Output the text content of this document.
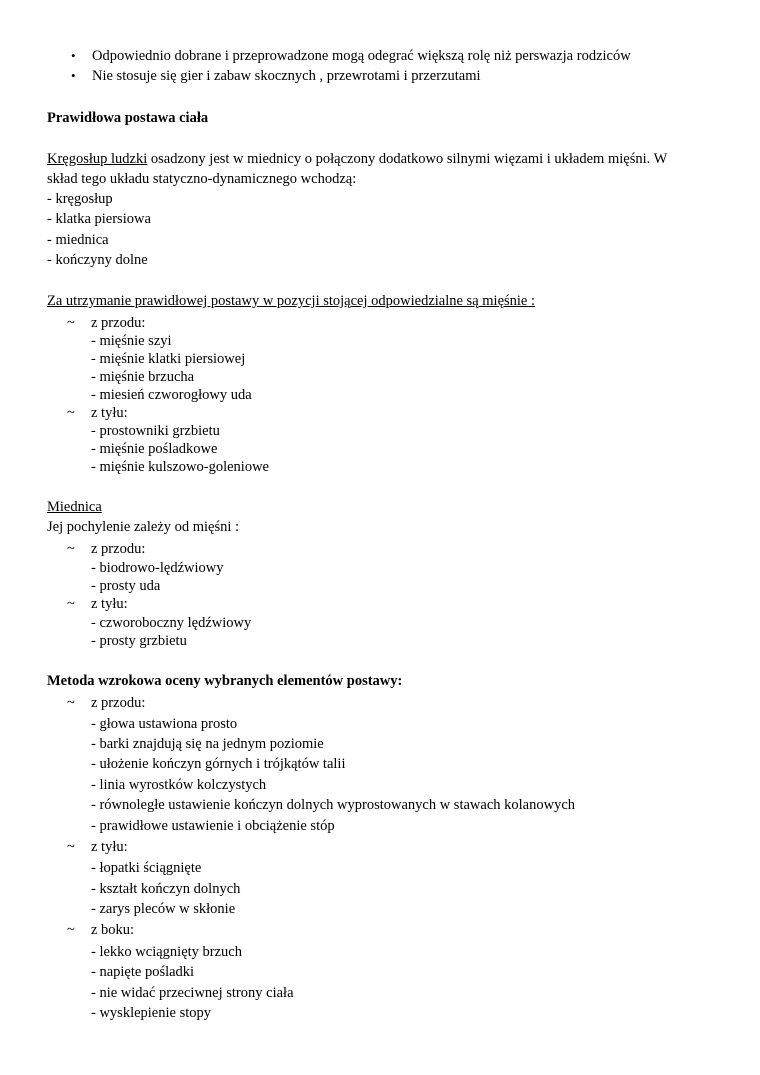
• Odpowiednio dobrane i przeprowadzone mogą odegrać większą rolę niż perswazja rodziców
• Nie stosuje się gier i zabaw skocznych , przewrotami i przerzutami
Prawidłowa postawa ciała
Kręgosłup ludzki osadzony jest w miednicy o połączony dodatkowo silnymi więzami i układem mięśni. W
skład tego układu statyczno-dynamicznego wchodzą:
- kręgosłup
- klatka piersiowa
- miednica
- kończyny dolne
Za utrzymanie prawidłowej postawy w pozycji stojącej odpowiedzialne są mięśnie :
~ z przodu:
- mięśnie szyi
- mięśnie klatki piersiowej
- mięśnie brzucha
- miesień czworogłowy uda
~ z tyłu:
- prostowniki grzbietu
- mięśnie pośladkowe
- mięśnie kulszowo-goleniowe
Miednica
Jej pochylenie zależy od mięśni :
~ z przodu:
- biodrowo-lędźwiowy
- prosty uda
~ z tyłu:
- czworoboczny lędźwiowy
- prosty grzbietu
Metoda wzrokowa oceny wybranych elementów postawy:
~ z przodu:
- głowa ustawiona prosto
- barki znajdują się na jednym poziomie
- ułożenie kończyn górnych i trójkątów talii
- linia wyrostków kolczystych
- równoległe ustawienie kończyn dolnych wyprostowanych w stawach kolanowych
- prawidłowe ustawienie i obciążenie stóp
~ z tyłu:
- łopatki ściągnięte
- kształt kończyn dolnych
- zarys pleców w skłonie
~ z boku:
- lekko wciągnięty brzuch
- napięte pośladki
- nie widać przeciwnej strony ciała
- wysklepienie stopy
